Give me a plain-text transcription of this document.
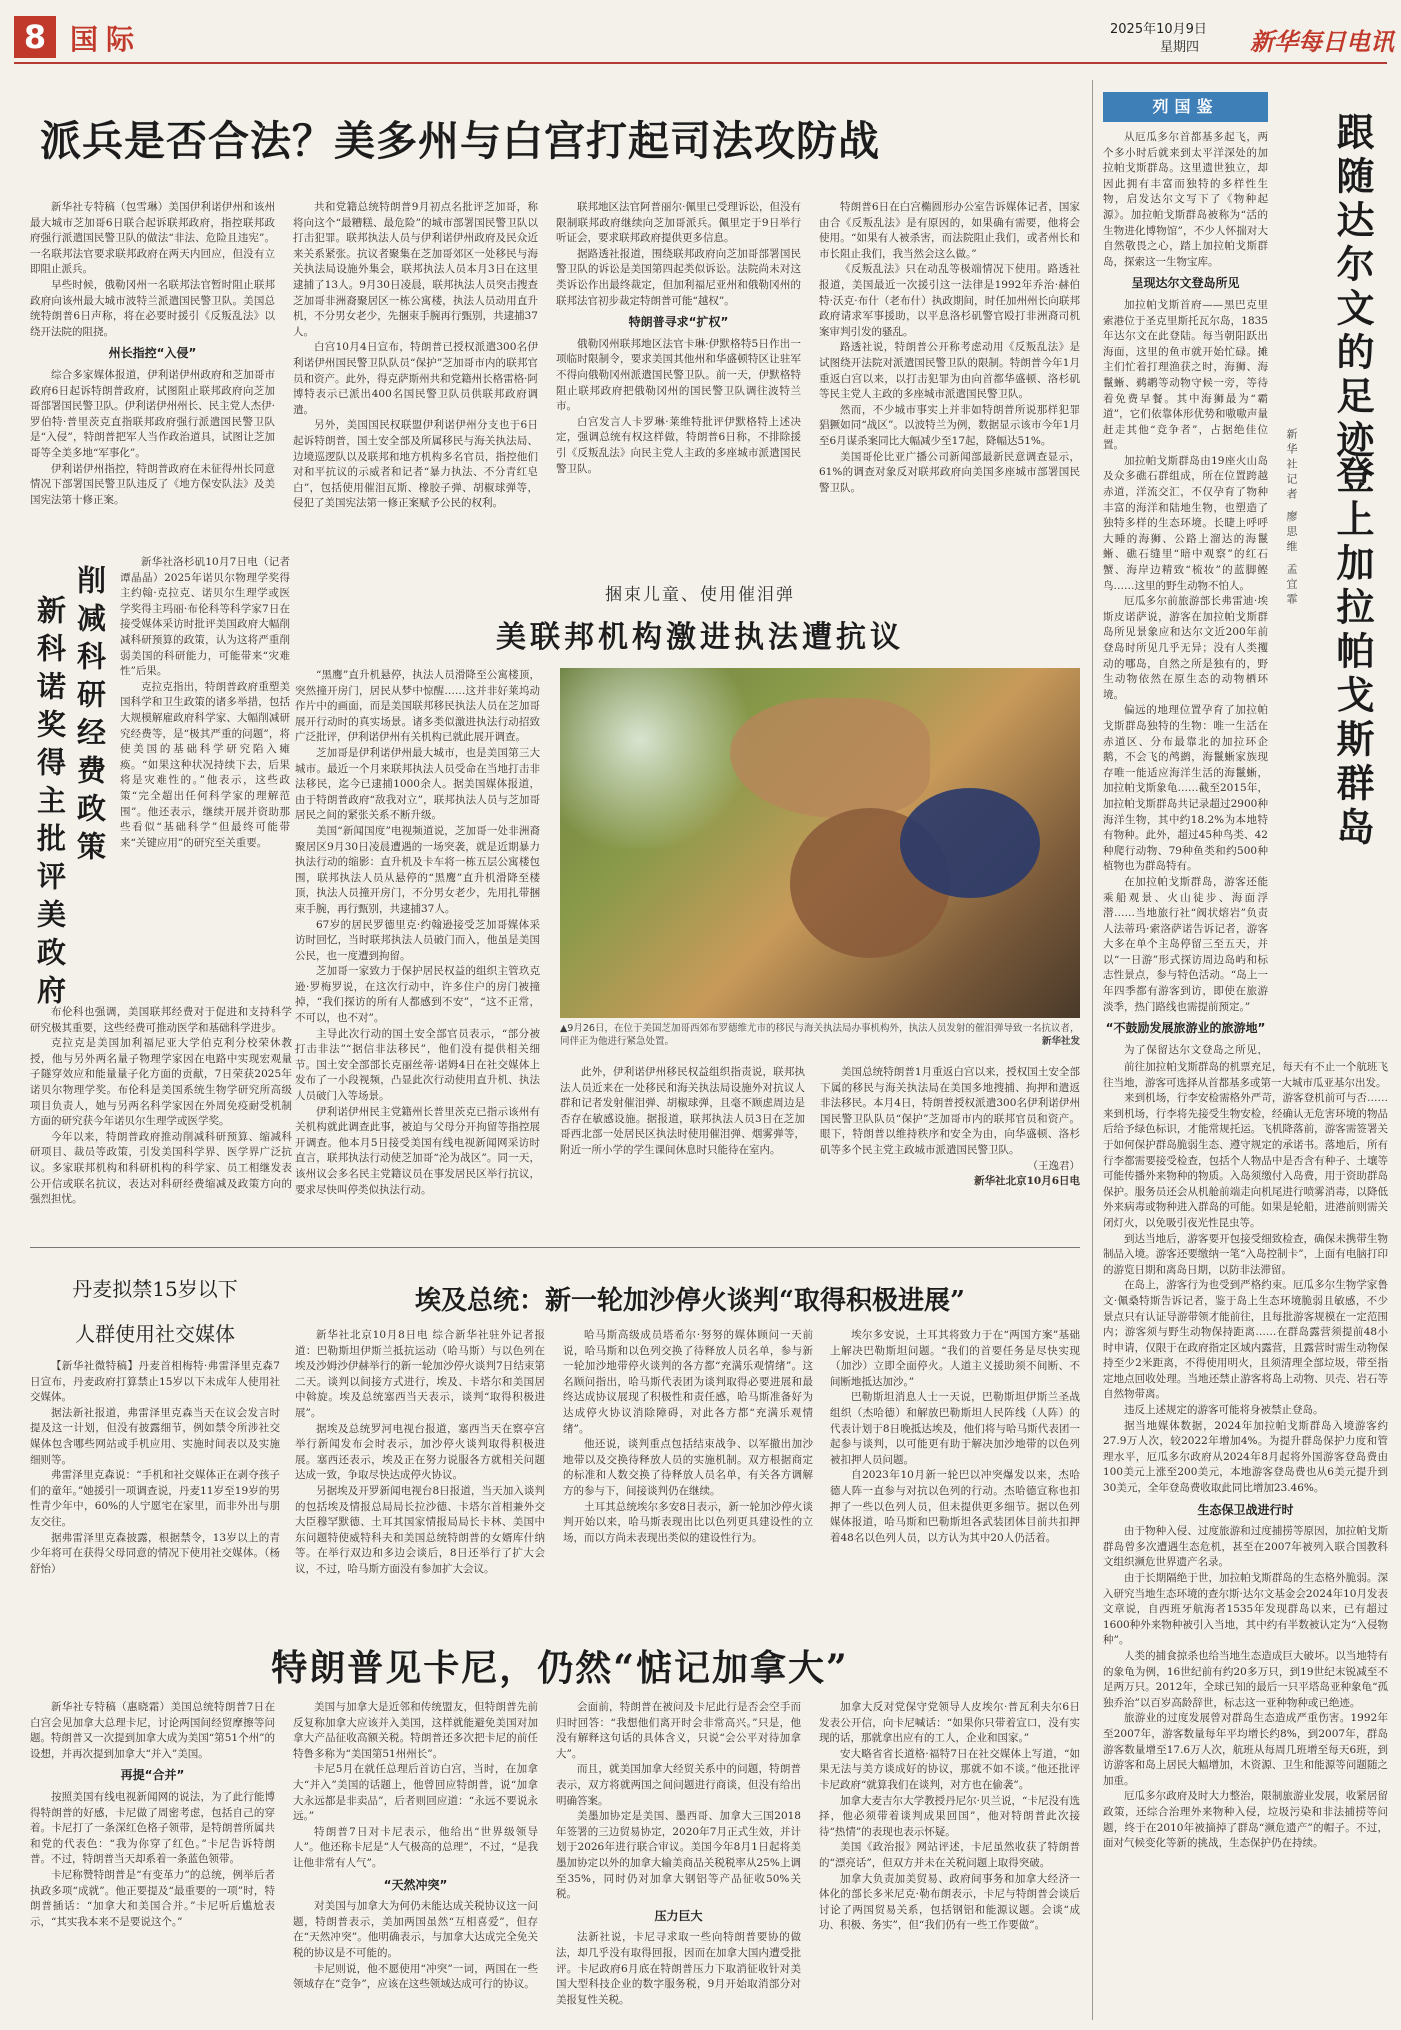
8 国际	2025年10月9日
星期四 新华每日电讯
派兵是否合法？美多州与白宫打起司法攻防战

新华社专特稿（包雪琳）美国伊利诺伊州和该州最大城市芝加哥6日联合起诉联邦政府，指控联邦政府强行派遣国民警卫队的做法“非法、危险且违宪”。一名联邦法官要求联邦政府在两天内回应，但没有立即阻止派兵。

早些时候，俄勒冈州一名联邦法官暂时阻止联邦政府向该州最大城市波特兰派遣国民警卫队。美国总统特朗普6日声称，将在必要时援引《反叛乱法》以绕开法院的阻挠。

州长指控“入侵”

综合多家媒体报道，伊利诺伊州政府和芝加哥市政府6日起诉特朗普政府，试图阻止联邦政府向芝加哥部署国民警卫队。伊利诺伊州州长、民主党人杰伊·罗伯特·普里茨克直指联邦政府强行派遣国民警卫队是“入侵”，特朗普把军人当作政治道具，试图让芝加哥等全美多地“军事化”。

伊利诺伊州指控，特朗普政府在未征得州长同意情况下部署国民警卫队违反了《地方保安队法》及美国宪法第十修正案。

共和党籍总统特朗普9月初点名批评芝加哥，称将向这个“最糟糕、最危险”的城市部署国民警卫队以打击犯罪。联邦执法人员与伊利诺伊州政府及民众近来关系紧张。抗议者聚集在芝加哥郊区一处移民与海关执法局设施外集会，联邦执法人员本月3日在这里逮捕了13人。9月30日凌晨，联邦执法人员突击搜查芝加哥非洲裔聚居区一栋公寓楼，执法人员动用直升机，不分男女老少，先捆束手腕再行甄别，共逮捕37人。

白宫10月4日宣布，特朗普已授权派遣300名伊利诺伊州国民警卫队队员“保护”芝加哥市内的联邦官员和资产。此外，得克萨斯州共和党籍州长格雷格·阿博特表示已派出400名国民警卫队员供联邦政府调遣。

另外，美国国民权联盟伊利诺伊州分支也于6日起诉特朗普，国土安全部及所属移民与海关执法局、边境巡逻队以及联邦和地方机构多名官员，指控他们对和平抗议的示威者和记者“暴力执法、不分青红皂白”，包括使用催泪瓦斯、橡胶子弹、胡椒球弹等，侵犯了美国宪法第一修正案赋予公民的权利。

联邦地区法官阿普丽尔·佩里已受理诉讼，但没有限制联邦政府继续向芝加哥派兵。佩里定于9日举行听证会，要求联邦政府提供更多信息。

据路透社报道，围绕联邦政府向芝加哥部署国民警卫队的诉讼是美国第四起类似诉讼。法院尚未对这类诉讼作出最终裁定，但加利福尼亚州和俄勒冈州的联邦法官初步裁定特朗普可能“越权”。

特朗普寻求“扩权”

俄勒冈州联邦地区法官卡琳·伊默格特5日作出一项临时限制令，要求美国其他州和华盛顿特区让驻军不得向俄勒冈州派遣国民警卫队。前一天，伊默格特阻止联邦政府把俄勒冈州的国民警卫队调往波特兰市。

白宫发言人卡罗琳·莱维特批评伊默格特上述决定，强调总统有权这样做，特朗普6日称，不排除援引《反叛乱法》向民主党人主政的多座城市派遣国民警卫队。

特朗普6日在白宫椭圆形办公室告诉媒体记者，国家由合《反叛乱法》是有原因的，如果确有需要，他将会使用。“如果有人被杀害，而法院阻止我们，或者州长和市长阻止我们，我当然会这么做。”

《反叛乱法》只在动乱等极端情况下使用。路透社报道，美国最近一次援引这一法律是1992年乔治·赫伯特·沃克·布什（老布什）执政期间，时任加州州长向联邦政府请求军事援助，以平息洛杉矶警官殴打非洲裔司机案审判引发的骚乱。

路透社说，特朗普公开称考虑动用《反叛乱法》是试图绕开法院对派遣国民警卫队的限制。特朗普今年1月重返白宫以来，以打击犯罪为由向首都华盛顿、洛杉矶等民主党人主政的多座城市派遣国民警卫队。

然而，不少城市事实上并非如特朗普所说那样犯罪猖獗如同“战区”。以波特兰为例，数据显示该市今年1月至6月谋杀案同比大幅减少至17起，降幅达51%。

美国哥伦比亚广播公司新闻部最新民意调查显示，61%的调查对象反对联邦政府向美国多座城市部署国民警卫队。

削减科研经费政策
新科诺奖得主批评美政府

新华社洛杉矶10月7日电（记者谭晶晶）2025年诺贝尔物理学奖得主约翰·克拉克、诺贝尔生理学或医学奖得主玛丽·布伦科等科学家7日在接受媒体采访时批评美国政府大幅削减科研预算的政策，认为这将严重削弱美国的科研能力，可能带来“灾难性”后果。

克拉克指出，特朗普政府重塑美国科学和卫生政策的诸多举措，包括大规模解雇政府科学家、大幅削减研究经费等，是“极其严重的问题”，将使美国的基础科学研究陷入瘫痪。“如果这种状况持续下去，后果将是灾难性的。”他表示，这些政策“完全超出任何科学家的理解范围”。他还表示，继续开展并资助那些看似“基础科学”但最终可能带来“关键应用”的研究至关重要。

布伦科也强调，美国联邦经费对于促进和支持科学研究极其重要，这些经费可推动医学和基础科学进步。

克拉克是美国加利福尼亚大学伯克利分校荣休教授，他与另外两名量子物理学家因在电路中实现宏观量子隧穿效应和能量量子化方面的贡献，7日荣获2025年诺贝尔物理学奖。布伦科是美国系统生物学研究所高级项目负责人，她与另两名科学家因在外周免疫耐受机制方面的研究获今年诺贝尔生理学或医学奖。

今年以来，特朗普政府推动削减科研预算、缩减科研项目、裁员等政策，引发美国科学界、医学界广泛抗议。多家联邦机构和科研机构的科学家、员工相继发表公开信或联名抗议，表达对科研经费缩减及政策方向的强烈担忧。

捆束儿童、使用催泪弹
美联邦机构激进执法遭抗议

“黑鹰”直升机悬停，执法人员滑降至公寓楼顶，突然撞开房门，居民从梦中惊醒……这并非好莱坞动作片中的画面，而是美国联邦移民执法人员在芝加哥展开行动时的真实场景。诸多类似激进执法行动招致广泛批评，伊利诺伊州有关机构已就此展开调查。

芝加哥是伊利诺伊州最大城市，也是美国第三大城市。最近一个月来联邦执法人员受命在当地打击非法移民，迄今已逮捕1000余人。据美国媒体报道，由于特朗普政府“敌我对立”，联邦执法人员与芝加哥居民之间的紧张关系不断升级。

美国“新闻国度”电视频道说，芝加哥一处非洲裔聚居区9月30日凌晨遭遇的一场突袭，就是近期暴力执法行动的缩影：直升机及卡车将一栋五层公寓楼包围，联邦执法人员从悬停的“黑鹰”直升机滑降至楼顶，执法人员撞开房门，不分男女老少，先用扎带捆束手腕，再行甄别，共逮捕37人。

67岁的居民罗德里克·约翰逊接受芝加哥媒体采访时回忆，当时联邦执法人员破门而入，他虽是美国公民，也一度遭到拘留。

芝加哥一家致力于保护居民权益的组织主管玖克逊·罗梅罗说，在这次行动中，许多住户的房门被撞掉，“我们探访的所有人都感到不安”，“这不正常，不可以，也不对”。

主导此次行动的国土安全部官员表示，“部分被打击非法”“据信非法移民”，他们没有提供相关细节。国土安全部部长克丽丝蒂·诺姆4日在社交媒体上发布了一小段视频，凸显此次行动使用直升机、执法人员破门入等场景。

伊利诺伊州民主党籍州长普里茨克已指示该州有关机构就此调查此事，被迫与父母分开拘留等指控展开调查。他本月5日接受美国有线电视新闻网采访时直言，联邦执法行动使芝加哥“沦为战区”。同一天，该州议会多名民主党籍议员在事发居民区举行抗议，要求尽快叫停类似执法行动。

▲9月26日，在位于美国芝加哥西郊布罗德维尤市的移民与海关执法局办事机构外，执法人员发射的催泪弹导致一名抗议者，同伴正为他进行紧急处置。	新华社发

此外，伊利诺伊州移民权益组织指责说，联邦执法人员近来在一处移民和海关执法局设施外对抗议人群和记者发射催泪弹、胡椒球弹，且毫不顾虑周边是否存在敏感设施。据报道，联邦执法人员3日在芝加哥西北部一处居民区执法时使用催泪弹、烟雾弹等，附近一所小学的学生课间休息时只能待在室内。

美国总统特朗普1月重返白宫以来，授权国土安全部下属的移民与海关执法局在美国多地搜捕、拘押和遣返非法移民。本月4日，特朗普授权派遣300名伊利诺伊州国民警卫队队员“保护”芝加哥市内的联邦官员和资产。眼下，特朗普以维持秩序和安全为由，向华盛顿、洛杉矶等多个民主党主政城市派遣国民警卫队。

（王逸君）
新华社北京10月6日电
丹麦拟禁15岁以下
人群使用社交媒体

【新华社微特稿】丹麦首相梅特·弗雷泽里克森7日宣布，丹麦政府打算禁止15岁以下未成年人使用社交媒体。

据法新社报道，弗雷泽里克森当天在议会发言时提及这一计划，但没有披露细节，例如禁令所涉社交媒体包含哪些网站或手机应用、实施时间表以及实施细则等。

弗雷泽里克森说：“手机和社交媒体正在剥夺孩子们的童年。”她援引一项调查说，丹麦11岁至19岁的男性青少年中，60%的人宁愿宅在家里，而非外出与朋友交往。

据弗雷泽里克森披露，根据禁令，13岁以上的青少年将可在获得父母同意的情况下使用社交媒体。（杨舒怡）

埃及总统：新一轮加沙停火谈判“取得积极进展”

新华社北京10月8日电 综合新华社驻外记者报道：巴勒斯坦伊斯兰抵抗运动（哈马斯）与以色列在埃及沙姆沙伊赫举行的新一轮加沙停火谈判7日结束第二天。谈判以间接方式进行，埃及、卡塔尔和美国居中斡旋。埃及总统塞西当天表示，谈判“取得积极进展”。

据埃及总统罗河电视台报道，塞西当天在察亭宫举行新闻发布会时表示，加沙停火谈判取得积极进展。塞西还表示，埃及正在努力说服各方就相关问题达成一致，争取尽快达成停火协议。

另据埃及开罗新闻电视台8日报道，当天加入谈判的包括埃及情报总局局长拉沙德、卡塔尔首相兼外交大臣穆罕默德、土耳其国家情报局局长卡林、美国中东问题特使威特科夫和美国总统特朗普的女婿库什纳等。在举行双边和多边会谈后，8日还举行了扩大会议，不过，哈马斯方面没有参加扩大会议。

哈马斯高级成员塔希尔·努努的媒体顾问一天前说，哈马斯和以色列交换了待释放人员名单，参与新一轮加沙地带停火谈判的各方都“充满乐观情绪”。这名顾问指出，哈马斯代表团为谈判取得必要进展和最终达成协议展现了积极性和责任感，哈马斯准备好为达成停火协议消除障碍，对此各方都“充满乐观情绪”。

他还说，谈判重点包括结束战争、以军撤出加沙地带以及交换待释放人员的实施机制。双方根据商定的标准和人数交换了待释放人员名单，有关各方调解方的参与下，间接谈判仍在继续。

土耳其总统埃尔多安8日表示，新一轮加沙停火谈判开始以来，哈马斯表现出比以色列更具建设性的立场，而以方尚未表现出类似的建设性行为。

埃尔多安说，土耳其将致力于在“两国方案”基础上解决巴勒斯坦问题。“我们的首要任务是尽快实现（加沙）立即全面停火。人道主义援助须不间断、不间断地抵达加沙。”

巴勒斯坦消息人士一天说，巴勒斯坦伊斯兰圣战组织（杰哈德）和解放巴勒斯坦人民阵线（人阵）的代表计划于8日晚抵达埃及，他们将与哈马斯代表团一起参与谈判，以可能更有助于解决加沙地带的以色列被扣押人员问题。

自2023年10月新一轮巴以冲突爆发以来，杰哈德人阵一直参与对抗以色列的行动。杰哈德宣称也扣押了一些以色列人员，但未提供更多细节。据以色列媒体报道，哈马斯和巴勒斯坦各武装团体目前共扣押着48名以色列人员，以方认为其中20人仍活着。

特朗普见卡尼，仍然“惦记加拿大”

新华社专特稿（惠晓霜）美国总统特朗普7日在白宫会见加拿大总理卡尼，讨论两国间经贸摩擦等问题。特朗普又一次提到加拿大成为美国“第51个州”的设想，并再次提到加拿大“并入”美国。

再提“合并”

按照美国有线电视新闻网的说法，为了此行能博得特朗普的好感，卡尼做了周密考虑，包括自己的穿着。卡尼打了一条深红色格子领带，是特朗普所属共和党的代表色：“我为你穿了红色。”卡尼告诉特朗普。不过，特朗普当天却系着一条蓝色领带。

卡尼称赞特朗普是“有变革力”的总统，例举后者执政多项“成就”。他正要提及“最重要的一项”时，特朗普插话：“加拿大和美国合并。”卡尼听后尴尬表示，“其实我本来不是要说这个。”

美国与加拿大是近邻和传统盟友，但特朗普先前反复称加拿大应该并入美国，这样就能避免美国对加拿大产品征收高额关税。特朗普还多次把卡尼的前任特鲁多称为“美国第51州州长”。

卡尼5月在就任总理后首访白宫，当时，在加拿大“并入”美国的话题上，他曾回应特朗普，说“加拿大永远都是非卖品”，后者则回应道：“永远不要说永远。”

特朗普7日对卡尼表示，他给出“世界级领导人”。他还称卡尼是“人气极高的总理”，不过，“是我让他非常有人气”。

“天然冲突”

对美国与加拿大为何仍未能达成关税协议这一问题，特朗普表示，美加两国虽然“互相喜爱”，但存在“天然冲突”。他明确表示，与加拿大达成完全免关税的协议是不可能的。

卡尼则说，他不愿使用“冲突”一词，两国在一些领域存在“竞争”，应该在这些领域达成可行的协议。

会面前，特朗普在被问及卡尼此行是否会空手而归时回答：“我想他们离开时会非常高兴。”只是，他没有解释这句话的具体含义，只说“会公平对待加拿大”。

而且，就美国加拿大经贸关系中的问题，特朗普表示，双方将就两国之间问题进行商谈，但没有给出明确答案。

美墨加协定是美国、墨西哥、加拿大三国2018年签署的三边贸易协定，2020年7月正式生效，并计划于2026年进行联合审议。美国今年8月1日起将美墨加协定以外的加拿大输美商品关税税率从25%上调至35%，同时仍对加拿大钢铝等产品征收50%关税。

压力巨大

法新社说，卡尼寻求取一些向特朗普要协的做法，却几乎没有取得回报，因而在加拿大国内遭受批评。卡尼政府6月底在特朗普压力下取消征收针对美国大型科技企业的数字服务税，9月开始取消部分对美报复性关税。

加拿大反对党保守党领导人皮埃尔·普瓦利夫尔6日发表公开信，向卡尼喊话：“如果你只带着宣口，没有实现的话，那就拿出应有的工人，企业和国家。”

安大略省省长道格·福特7日在社交媒体上写道，“如果无法与美方谈成好的协议，那就不如不谈。”他还批评卡尼政府“就算我们在谈判，对方也在偷袭”。

加拿大麦吉尔大学教授丹尼尔·贝兰说，“卡尼没有选择，他必须带着谈判成果回国”，他对特朗普此次接待“热情”的表现也表示怀疑。

美国《政治报》网站评述，卡尼虽然收获了特朗普的“漂亮话”，但双方并未在关税问题上取得突破。

加拿大负责加美贸易、政府间事务和加拿大经济一体化的部长多米尼克·勒布朗表示，卡尼与特朗普会谈后讨论了两国贸易关系，包括钢铝和能源议题。会谈“成功、积极、务实”，但“我们仍有一些工作要做”。

列国鉴
跟随达尔文的足迹
登上加拉帕戈斯群岛
新华社记者 廖思维 孟宜霏

从厄瓜多尔首都基多起飞，两个多小时后就来到太平洋深处的加拉帕戈斯群岛。这里遗世独立，却因此拥有丰富而独特的多样性生物，启发达尔文写下了《物种起源》。加拉帕戈斯群岛被称为“活的生物进化博物馆”，不少人怀揣对大自然敬畏之心，踏上加拉帕戈斯群岛，探索这一生物宝库。

呈现达尔文登岛所见

加拉帕戈斯首府——黑巴克里索港位于圣克里斯托瓦尔岛，1835年达尔文在此登陆。每当朝阳跃出海面，这里的鱼市就开始忙碌。摊主们忙着打理渔获之时，海狮、海鬣蜥、鹈鹕等动物守候一旁，等待着免费早餐。其中海狮最为“霸道”，它们依靠体形优势和嗷嗷声量赶走其他“竞争者”，占据绝佳位置。

加拉帕戈斯群岛由19座火山岛及众多礁石群组成，所在位置跨越赤道，洋流交汇，不仅孕育了物种丰富的海洋和陆地生物，也塑造了独特多样的生态环境。长睫上呼呼大睡的海狮、公路上溜达的海鬣蜥、礁石缝里“暗中观察”的红石蟹、海岸边精致“梳妆”的蓝脚鲣鸟……这里的野生动物不怕人。

厄瓜多尔前旅游部长弗雷迪·埃斯皮诺萨说，游客在加拉帕戈斯群岛所见景象应和达尔文近200年前登岛时所见几乎无异；没有人类攫动的哪岛，自然之所是独有的，野生动物依然在原生态的动物栖环境。

偏远的地理位置孕育了加拉帕戈斯群岛独特的生物：唯一生活在赤道区、分布最靠北的加拉环企鹅，不会飞的鸬鹚，海鬣蜥家族现存唯一能适应海洋生活的海鬣蜥，加拉帕戈斯象龟……截至2015年，加拉帕戈斯群岛共记录超过2900种海洋生物，其中约18.2%为本地特有物种。此外，超过45种鸟类、42种爬行动物、79种鱼类和约500种植物也为群岛特有。

在加拉帕戈斯群岛，游客还能乘船观景、火山徒步、海面浮潜……当地旅行社“阀状熔岩”负责人法蒂玛·索洛萨诺告诉记者，游客大多在单个主岛停留三至五天，并以“一日游”形式探访周边岛屿和标志性景点，参与特色活动。“岛上一年四季都有游客到访，即使在旅游淡季，热门路线也需提前预定。”

“不鼓励发展旅游业的旅游地”

为了保留达尔文登岛之所见，

前往加拉帕戈斯群岛的机票充足，每天有不止一个航班飞往当地，游客可选择从首都基多或第一大城市瓜亚基尔出发。

来到机场，行李安检需格外严苛，游客登机前可与否……来到机场，行李将先接受生物安检，经确认无危害环境的物品后给予绿色标识，才能常规托运。飞机降落前，游客需签署关于如何保护群岛脆弱生态、遵守规定的承诺书。落地后，所有行李都需要接受检查，包括个人物品中是否含有种子、土壤等可能传播外来物种的物质。入岛须缴付入岛费，用于资助群岛保护。服务员还会从机舱前端走向机尾进行喷雾消毒，以降低外来病毒或物种进入群岛的可能。如果是轮船，进港前则需关闭灯火，以免吸引夜光性昆虫等。

到达当地后，游客要开包接受细致检查，确保未携带生物制品入境。游客还要缴纳一笔“入岛控制卡”，上面有电脑打印的游览日期和离岛日期，以防非法滞留。

在岛上，游客行为也受到严格约束。厄瓜多尔生物学家鲁文·佩桑特斯告诉记者，鉴于岛上生态环境脆弱且敏感，不少景点只有认证导游带领才能前往，且每批游客规模在一定范围内；游客须与野生动物保持距离……在群岛露营须提前48小时申请，仅限于在政府指定区域内露营，且露营时需生动物保持至少2米距离，不得使用明火，且须清理全部垃圾，带至指定地点回收处理。当地还禁止游客将岛上动物、贝壳、岩石等自然物带离。

违反上述规定的游客可能将身被禁止登岛。

据当地媒体数据，2024年加拉帕戈斯群岛入境游客约27.9万人次，较2022年增加4%。为提升群岛保护力度和管理水平，厄瓜多尔政府从2024年8月起将外国游客登岛费由100美元上涨至200美元，本地游客登岛费也从6美元提升到30美元，全年登岛费收取此同比增加23.46%。

生态保卫战进行时

由于物种入侵、过度旅游和过度捕捞等原因，加拉帕戈斯群岛曾多次遭遇生态危机，甚至在2007年被列入联合国教科文组织濒危世界遗产名录。

由于长期隔绝于世，加拉帕戈斯群岛的生态格外脆弱。深入研究当地生态环境的查尔斯·达尔文基金会2024年10月发表文章说，自西班牙航海者1535年发现群岛以来，已有超过1600种外来物种被引入当地，其中约有半数被认定为“入侵物种”。

人类的捕食掠杀也给当地生态造成巨大破坏。以当地特有的象龟为例，16世纪前有约20多万只，到19世纪末锐减至不足两万只。2012年，全球已知的最后一只平塔岛亚种象龟“孤独乔治”以百岁高龄辞世，标志这一亚种物种或已绝迹。

旅游业的过度发展曾对群岛生态造成严重伤害。1992年至2007年，游客数量每年平均增长约8%，到2007年，群岛游客数量增至17.6万人次，航班从每周几班增至每天6班，到访游客和岛上居民大幅增加，木资源、卫生和能源等问题随之加重。

厄瓜多尔政府及时大力整治，限制旅游业发展，收紧居留政策，还综合治理外来物种入侵，垃圾污染和非法捕捞等问题，终于在2010年被摘掉了群岛“濒危遗产”的帽子。不过，面对气候变化等新的挑战，生态保护仍在持续。
